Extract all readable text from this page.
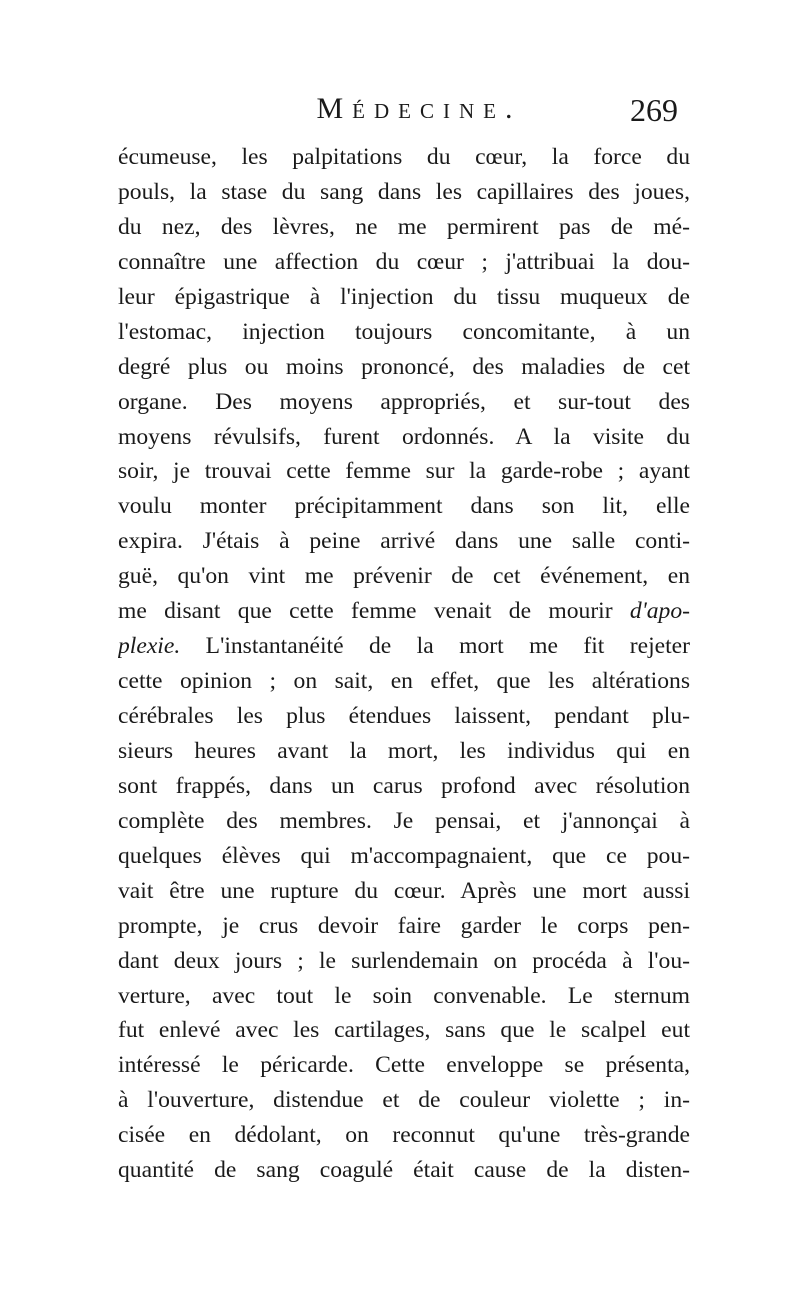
Médecine.	269
écumeuse, les palpitations du cœur, la force du
pouls, la stase du sang dans les capillaires des joues,
du nez, des lèvres, ne me permirent pas de mé-
connaître une affection du cœur ; j'attribuai la dou-
leur épigastrique à l'injection du tissu muqueux de
l'estomac, injection toujours concomitante, à un
degré plus ou moins prononcé, des maladies de cet
organe. Des moyens appropriés, et sur-tout des
moyens révulsifs, furent ordonnés. A la visite du
soir, je trouvai cette femme sur la garde-robe ; ayant
voulu monter précipitamment dans son lit, elle
expira. J'étais à peine arrivé dans une salle conti-
guë, qu'on vint me prévenir de cet événement, en
me disant que cette femme venait de mourir d'apo-
plexie. L'instantanéité de la mort me fit rejeter
cette opinion ; on sait, en effet, que les altérations
cérébrales les plus étendues laissent, pendant plu-
sieurs heures avant la mort, les individus qui en
sont frappés, dans un carus profond avec résolution
complète des membres. Je pensai, et j'annonçai à
quelques élèves qui m'accompagnaient, que ce pou-
vait être une rupture du cœur. Après une mort aussi
prompte, je crus devoir faire garder le corps pen-
dant deux jours ; le surlendemain on procéda à l'ou-
verture, avec tout le soin convenable. Le sternum
fut enlevé avec les cartilages, sans que le scalpel eut
intéressé le péricarde. Cette enveloppe se présenta,
à l'ouverture, distendue et de couleur violette ; in-
cisée en dédolant, on reconnut qu'une très-grande
quantité de sang coagulé était cause de la disten-
